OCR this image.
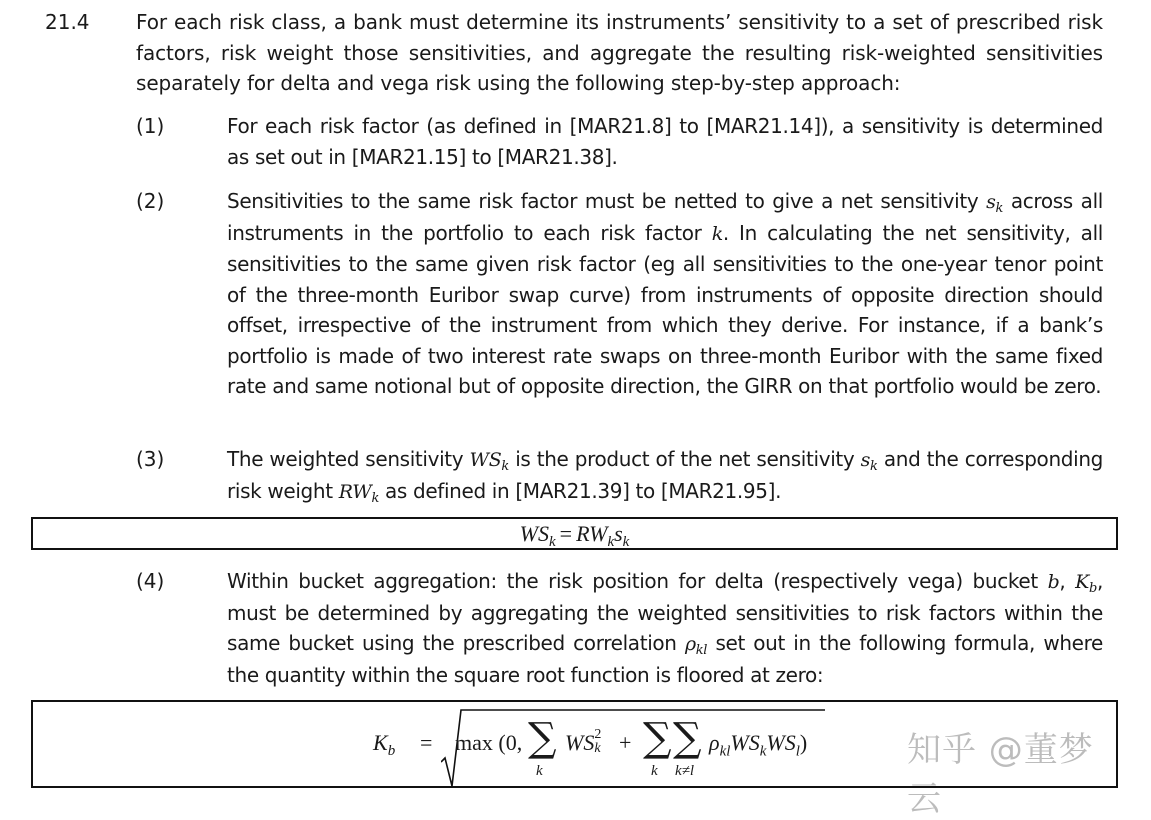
21.4 For each risk class, a bank must determine its instruments’ sensitivity to a set of prescribed risk factors, risk weight those sensitivities, and aggregate the resulting risk-weighted sensitivities separately for delta and vega risk using the following step-by-step approach:
(1)	For each risk factor (as defined in [MAR21.8] to [MAR21.14]), a sensitivity is determined as set out in [MAR21.15] to [MAR21.38].
(2)	Sensitivities to the same risk factor must be netted to give a net sensitivity $s_k$ across all instruments in the portfolio to each risk factor k. In calculating the net sensitivity, all sensitivities to the same given risk factor (eg all sensitivities to the one-year tenor point of the three-month Euribor swap curve) from instruments of opposite direction should offset, irrespective of the instrument from which they derive. For instance, if a bank’s portfolio is made of two interest rate swaps on three-month Euribor with the same fixed rate and same notional but of opposite direction, the GIRR on that portfolio would be zero.
(3)	The weighted sensitivity $WS_k$ is the product of the net sensitivity $s_k$ and the corresponding risk weight $RW_k$ as defined in [MAR21.39] to [MAR21.95].
$WS_k = RW_ks_k$
(4)	Within bucket aggregation: the risk position for delta (respectively vega) bucket b, $K_b$, must be determined by aggregating the weighted sensitivities to risk factors within the same bucket using the prescribed correlation $\rho_{kl}$ set out in the following formula, where the quantity within the square root function is floored at zero:
$K_b = \max (0$, ∑
k
WS 2
k + ∑
k
∑
k≠l
$\rho_{kl}WS_kWS_l$)	知乎 @董梦云
